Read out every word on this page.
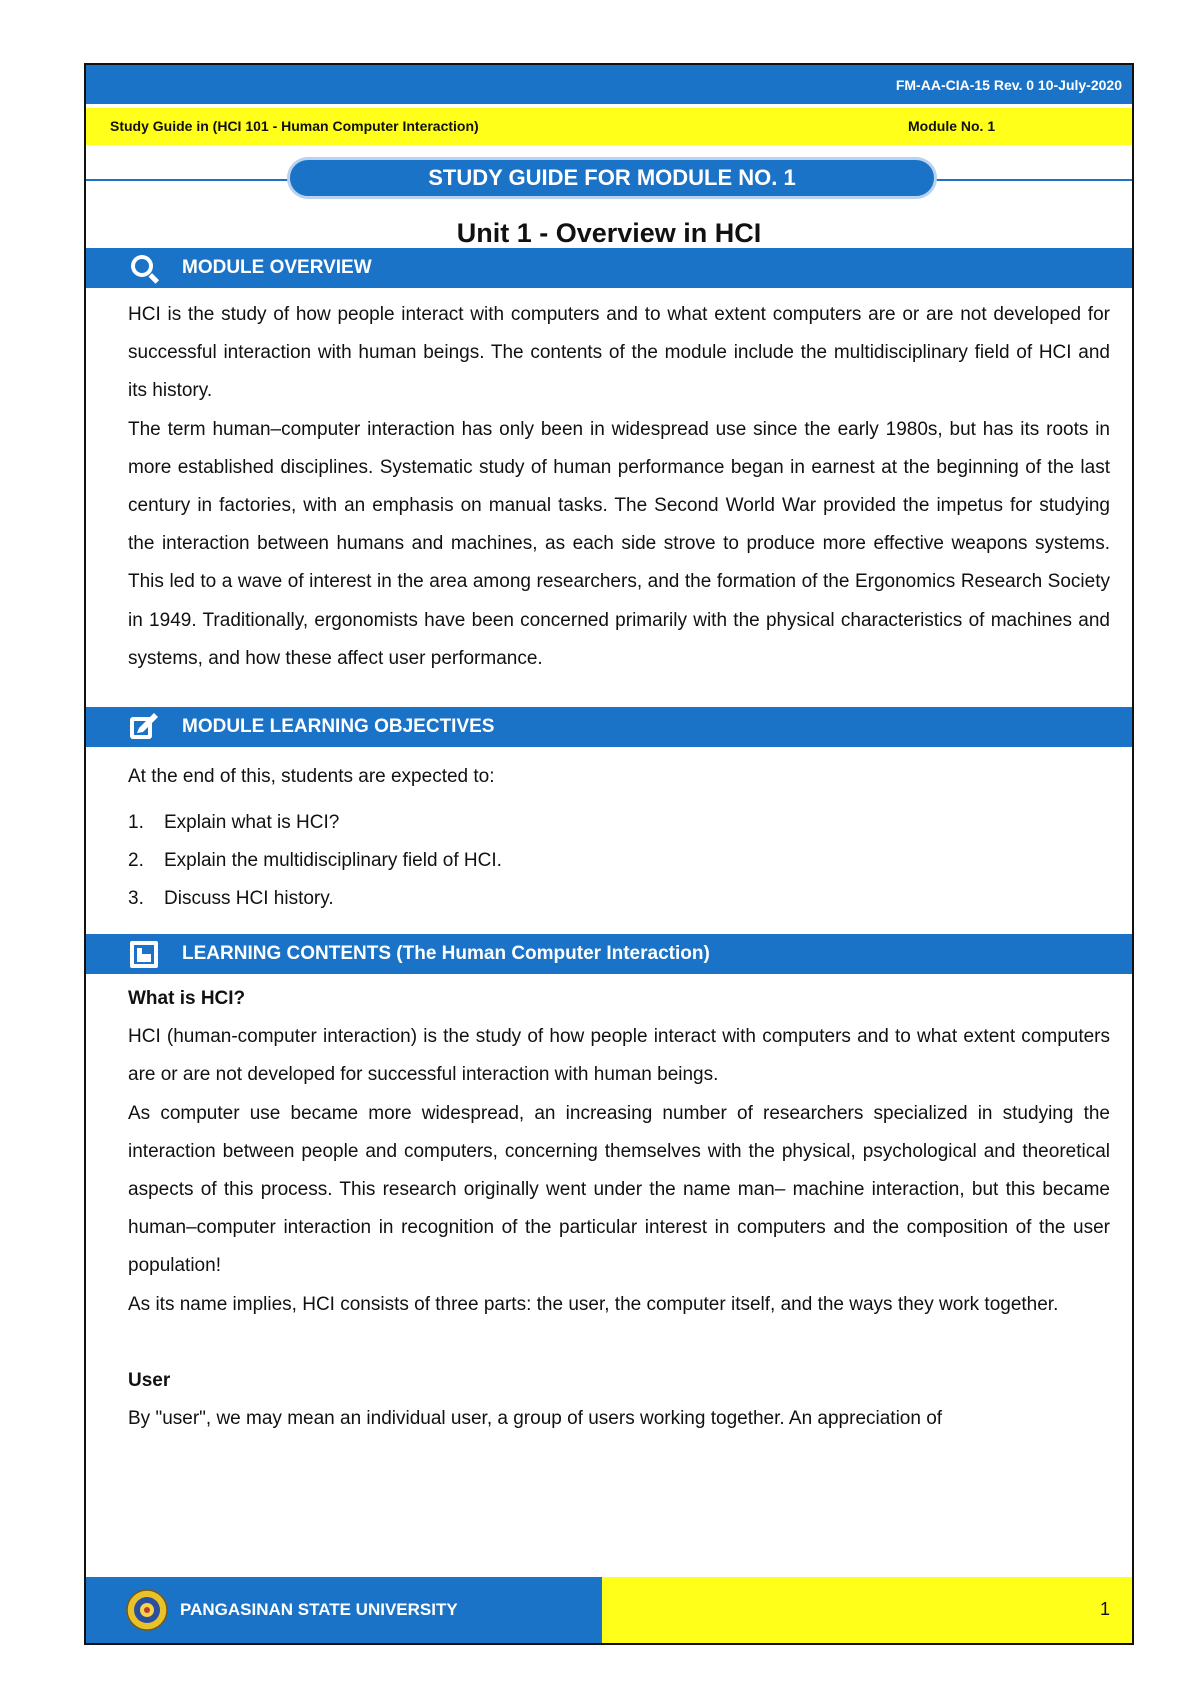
FM-AA-CIA-15 Rev. 0 10-July-2020
Study Guide in (HCI 101 - Human Computer Interaction)	Module No. 1
STUDY GUIDE FOR MODULE NO. 1
Unit 1 - Overview in HCI
MODULE OVERVIEW

HCI is the study of how people interact with computers and to what extent computers are or are not developed for successful interaction with human beings. The contents of the module include the multidisciplinary field of HCI and its history.

The term human–computer interaction has only been in widespread use since the early 1980s, but has its roots in more established disciplines. Systematic study of human performance began in earnest at the beginning of the last century in factories, with an emphasis on manual tasks. The Second World War provided the impetus for studying the interaction between humans and machines, as each side strove to produce more effective weapons systems. This led to a wave of interest in the area among researchers, and the formation of the Ergonomics Research Society in 1949. Traditionally, ergonomists have been concerned primarily with the physical characteristics of machines and systems, and how these affect user performance.

MODULE LEARNING OBJECTIVES
At the end of this, students are expected to:
1. Explain what is HCI?
2. Explain the multidisciplinary field of HCI.
3. Discuss HCI history.
LEARNING CONTENTS (The Human Computer Interaction)

What is HCI?

HCI (human-computer interaction) is the study of how people interact with computers and to what extent computers are or are not developed for successful interaction with human beings.

As computer use became more widespread, an increasing number of researchers specialized in studying the interaction between people and computers, concerning themselves with the physical, psychological and theoretical aspects of this process. This research originally went under the name man– machine interaction, but this became human–computer interaction in recognition of the particular interest in computers and the composition of the user population!

As its name implies, HCI consists of three parts: the user, the computer itself, and the ways they work together.

User

By "user", we may mean an individual user, a group of users working together. An appreciation of

PANGASINAN STATE UNIVERSITY	1
